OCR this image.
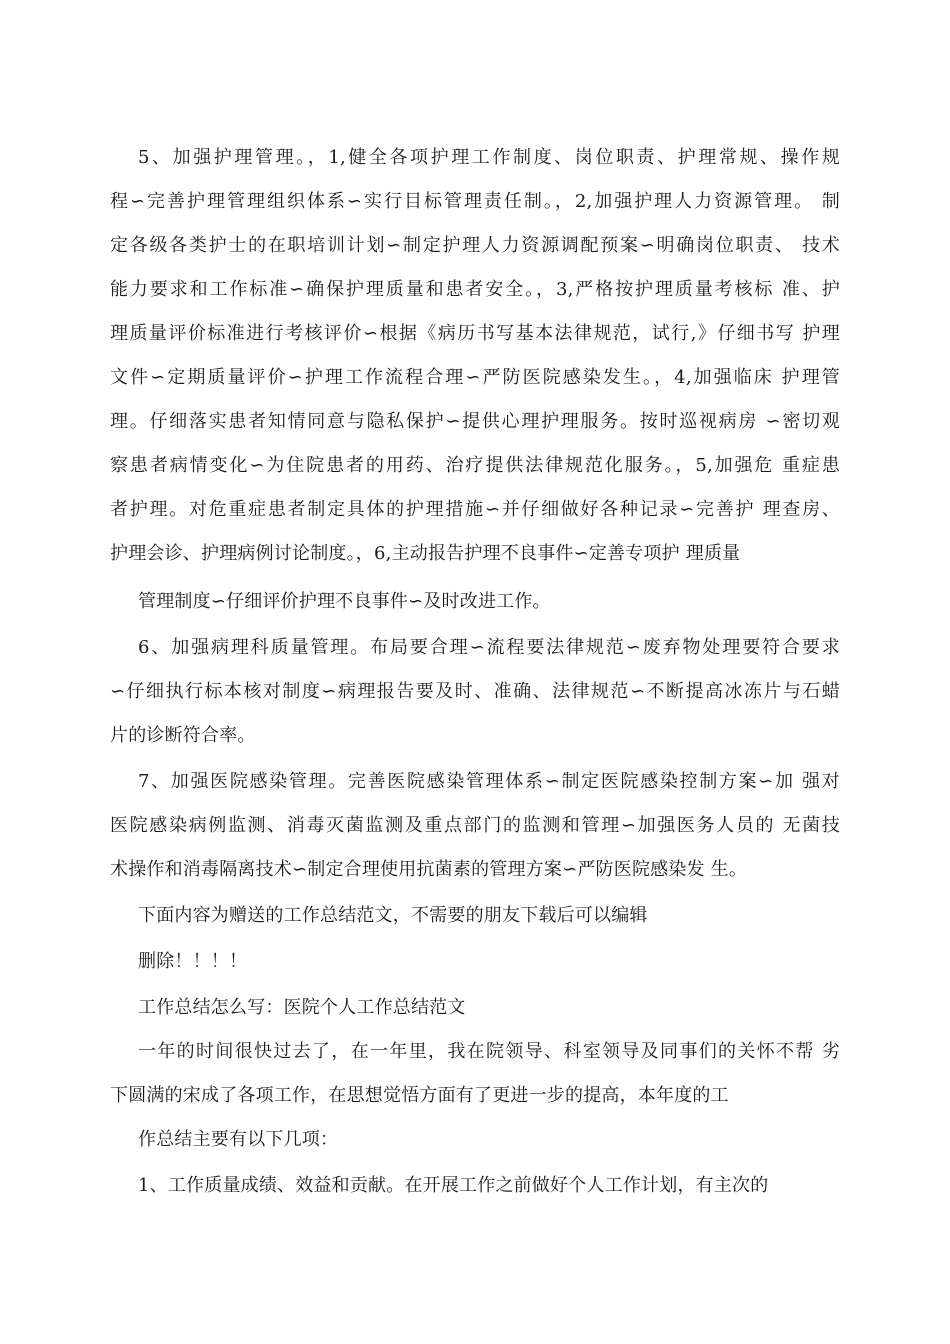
5、加强护理管理。，1,健全各项护理工作制度、岗位职责、护理常规、操作规
程∽完善护理管理组织体系∽实行目标管理责任制。，2,加强护理人力资源管理。 制
定各级各类护士的在职培训计划∽制定护理人力资源调配预案∽明确岗位职责、 技术
能力要求和工作标准∽确保护理质量和患者安全。，3,严格按护理质量考核标 准、护
理质量评价标准进行考核评价∽根据《病历书写基本法律规范，试行,》仔细书写 护理
文件∽定期质量评价∽护理工作流程合理∽严防医院感染发生。，4,加强临床 护理管
理。仔细落实患者知情同意与隐私保护∽提供心理护理服务。按时巡视病房 ∽密切观
察患者病情变化∽为住院患者的用药、治疗提供法律规范化服务。，5,加强危 重症患
者护理。对危重症患者制定具体的护理措施∽并仔细做好各种记录∽完善护 理查房、
护理会诊、护理病例讨论制度。，6,主动报告护理不良事件∽定善专项护 理质量
管理制度∽仔细评价护理不良事件∽及时改进工作。
6、加强病理科质量管理。布局要合理∽流程要法律规范∽废弃物处理要符合要求
∽仔细执行标本核对制度∽病理报告要及时、准确、法律规范∽不断提高冰冻片与石蜡
片的诊断符合率。
7、加强医院感染管理。完善医院感染管理体系∽制定医院感染控制方案∽加 强对
医院感染病例监测、消毒灭菌监测及重点部门的监测和管理∽加强医务人员的 无菌技
术操作和消毒隔离技术∽制定合理使用抗菌素的管理方案∽严防医院感染发 生。
下面内容为赠送的工作总结范文，不需要的朋友下载后可以编辑
删除！！！！
工作总结怎么写：医院个人工作总结范文
一年的时间很快过去了，在一年里，我在院领导、科室领导及同事们的关怀不帮 劣
下圆满的宋成了各项工作，在思想觉悟方面有了更进一步的提高，本年度的工
作总结主要有以下几项：
1、工作质量成绩、效益和贡献。在开展工作之前做好个人工作计划，有主次的
